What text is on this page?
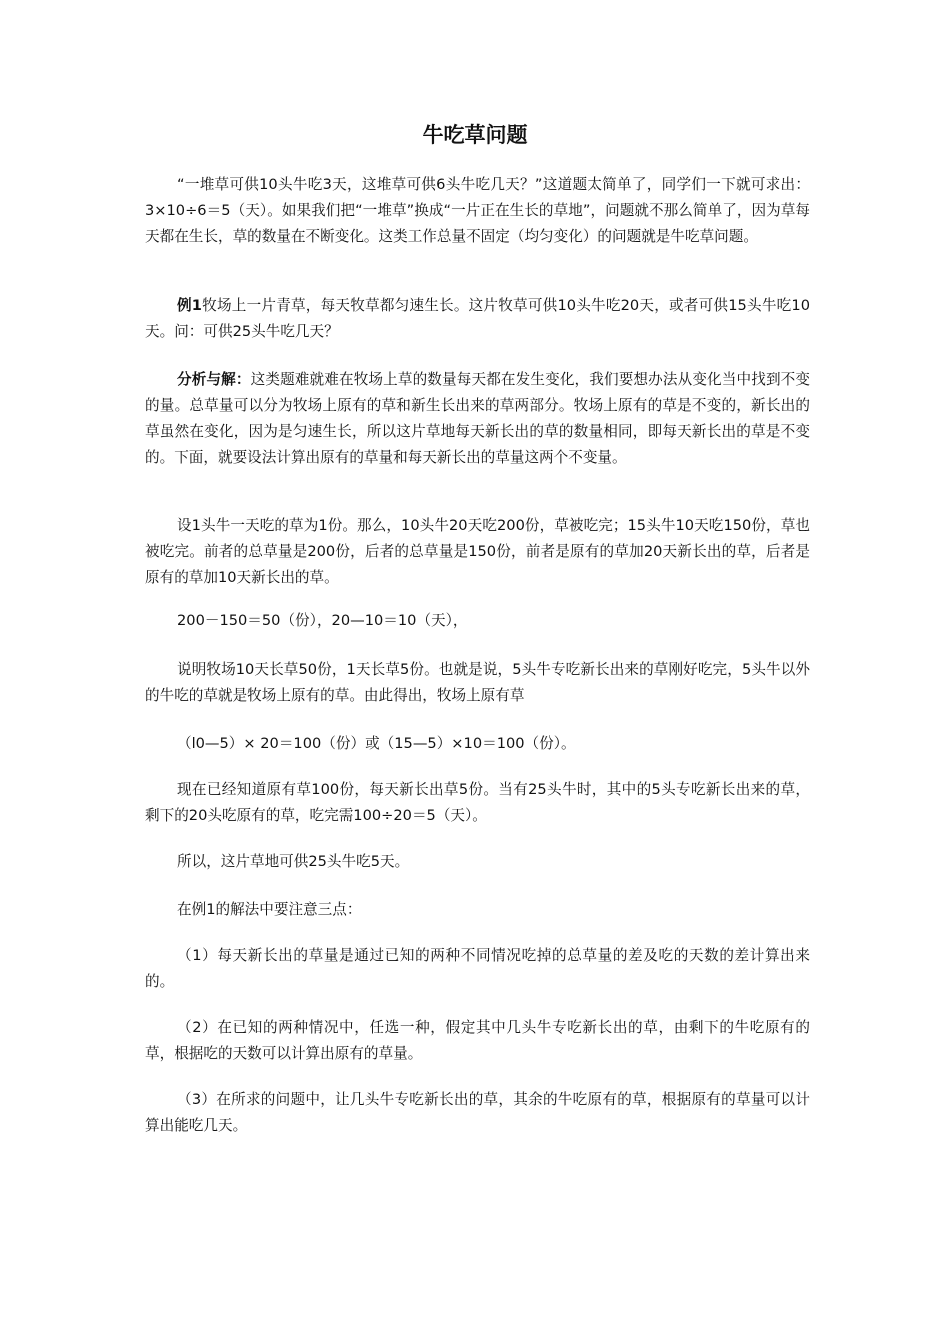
牛吃草问题

“一堆草可供10头牛吃3天，这堆草可供6头牛吃几天？”这道题太简单了，同学们一下就可求出：3×10÷6＝5（天）。如果我们把“一堆草”换成“一片正在生长的草地”，问题就不那么简单了，因为草每天都在生长，草的数量在不断变化。这类工作总量不固定（均匀变化）的问题就是牛吃草问题。

例1牧场上一片青草，每天牧草都匀速生长。这片牧草可供10头牛吃20天，或者可供15头牛吃10天。问：可供25头牛吃几天？

分析与解：这类题难就难在牧场上草的数量每天都在发生变化，我们要想办法从变化当中找到不变的量。总草量可以分为牧场上原有的草和新生长出来的草两部分。牧场上原有的草是不变的，新长出的草虽然在变化，因为是匀速生长，所以这片草地每天新长出的草的数量相同，即每天新长出的草是不变的。下面，就要设法计算出原有的草量和每天新长出的草量这两个不变量。

设1头牛一天吃的草为1份。那么，10头牛20天吃200份，草被吃完；15头牛10天吃150份，草也被吃完。前者的总草量是200份，后者的总草量是150份，前者是原有的草加20天新长出的草，后者是原有的草加10天新长出的草。

200－150＝50（份），20—10＝10（天），

说明牧场10天长草50份，1天长草5份。也就是说，5头牛专吃新长出来的草刚好吃完，5头牛以外的牛吃的草就是牧场上原有的草。由此得出，牧场上原有草

（l0—5）× 20＝100（份）或（15—5）×10＝100（份）。

现在已经知道原有草100份，每天新长出草5份。当有25头牛时，其中的5头专吃新长出来的草，剩下的20头吃原有的草，吃完需100÷20＝5（天）。

所以，这片草地可供25头牛吃5天。

在例1的解法中要注意三点：

（1）每天新长出的草量是通过已知的两种不同情况吃掉的总草量的差及吃的天数的差计算出来的。

（2）在已知的两种情况中，任选一种，假定其中几头牛专吃新长出的草，由剩下的牛吃原有的草，根据吃的天数可以计算出原有的草量。

（3）在所求的问题中，让几头牛专吃新长出的草，其余的牛吃原有的草，根据原有的草量可以计算出能吃几天。
